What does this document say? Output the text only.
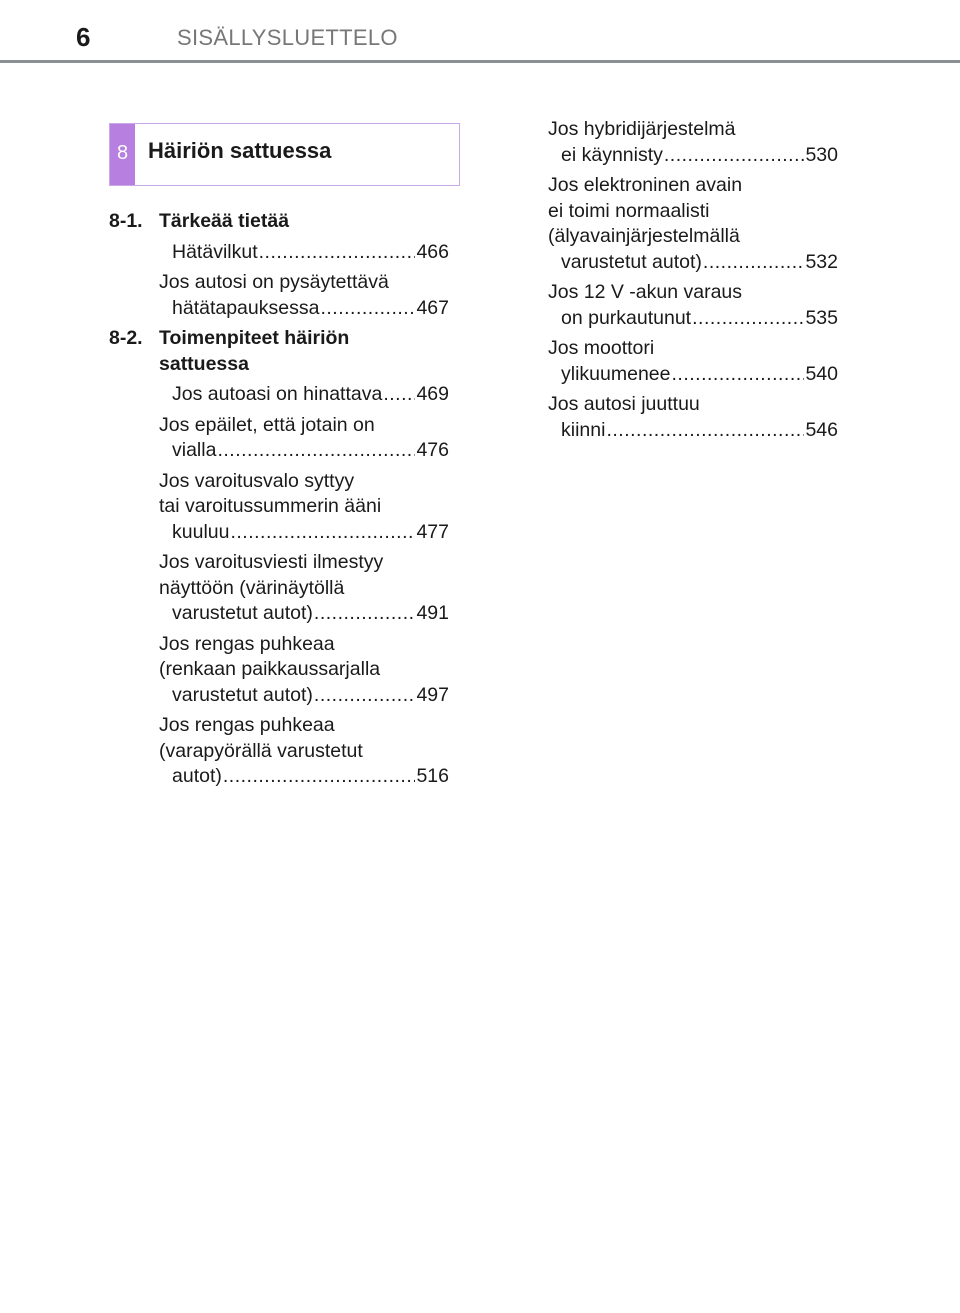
6	SISÄLLYSLUETTELO
8 Häiriön sattuessa
8-1. Tärkeää tietää
Hätävilkut .....	466
Jos autosi on pysäytettävä
hätätapauksessa .....	467
8-2. Toimenpiteet häiriön
sattuessa
Jos autoasi on hinattava ..... 469
Jos epäilet, että jotain on
vialla .....	476
Jos varoitusvalo syttyy
tai varoitussummerin ääni
kuuluu .....	477
Jos varoitusviesti ilmestyy
näyttöön (värinäytöllä
varustetut autot) .....	491
Jos rengas puhkeaa
(renkaan paikkaussarjalla
varustetut autot) .....	497
Jos rengas puhkeaa
(varapyörällä varustetut
autot) .....	516
Jos hybridijärjestelmä
ei käynnisty .....	530
Jos elektroninen avain
ei toimi normaalisti
(älyavainjärjestelmällä
varustetut autot) .....	532
Jos 12 V -akun varaus
on purkautunut .....	535
Jos moottori
ylikuumenee .....	540
Jos autosi juuttuu
kiinni .....	546
